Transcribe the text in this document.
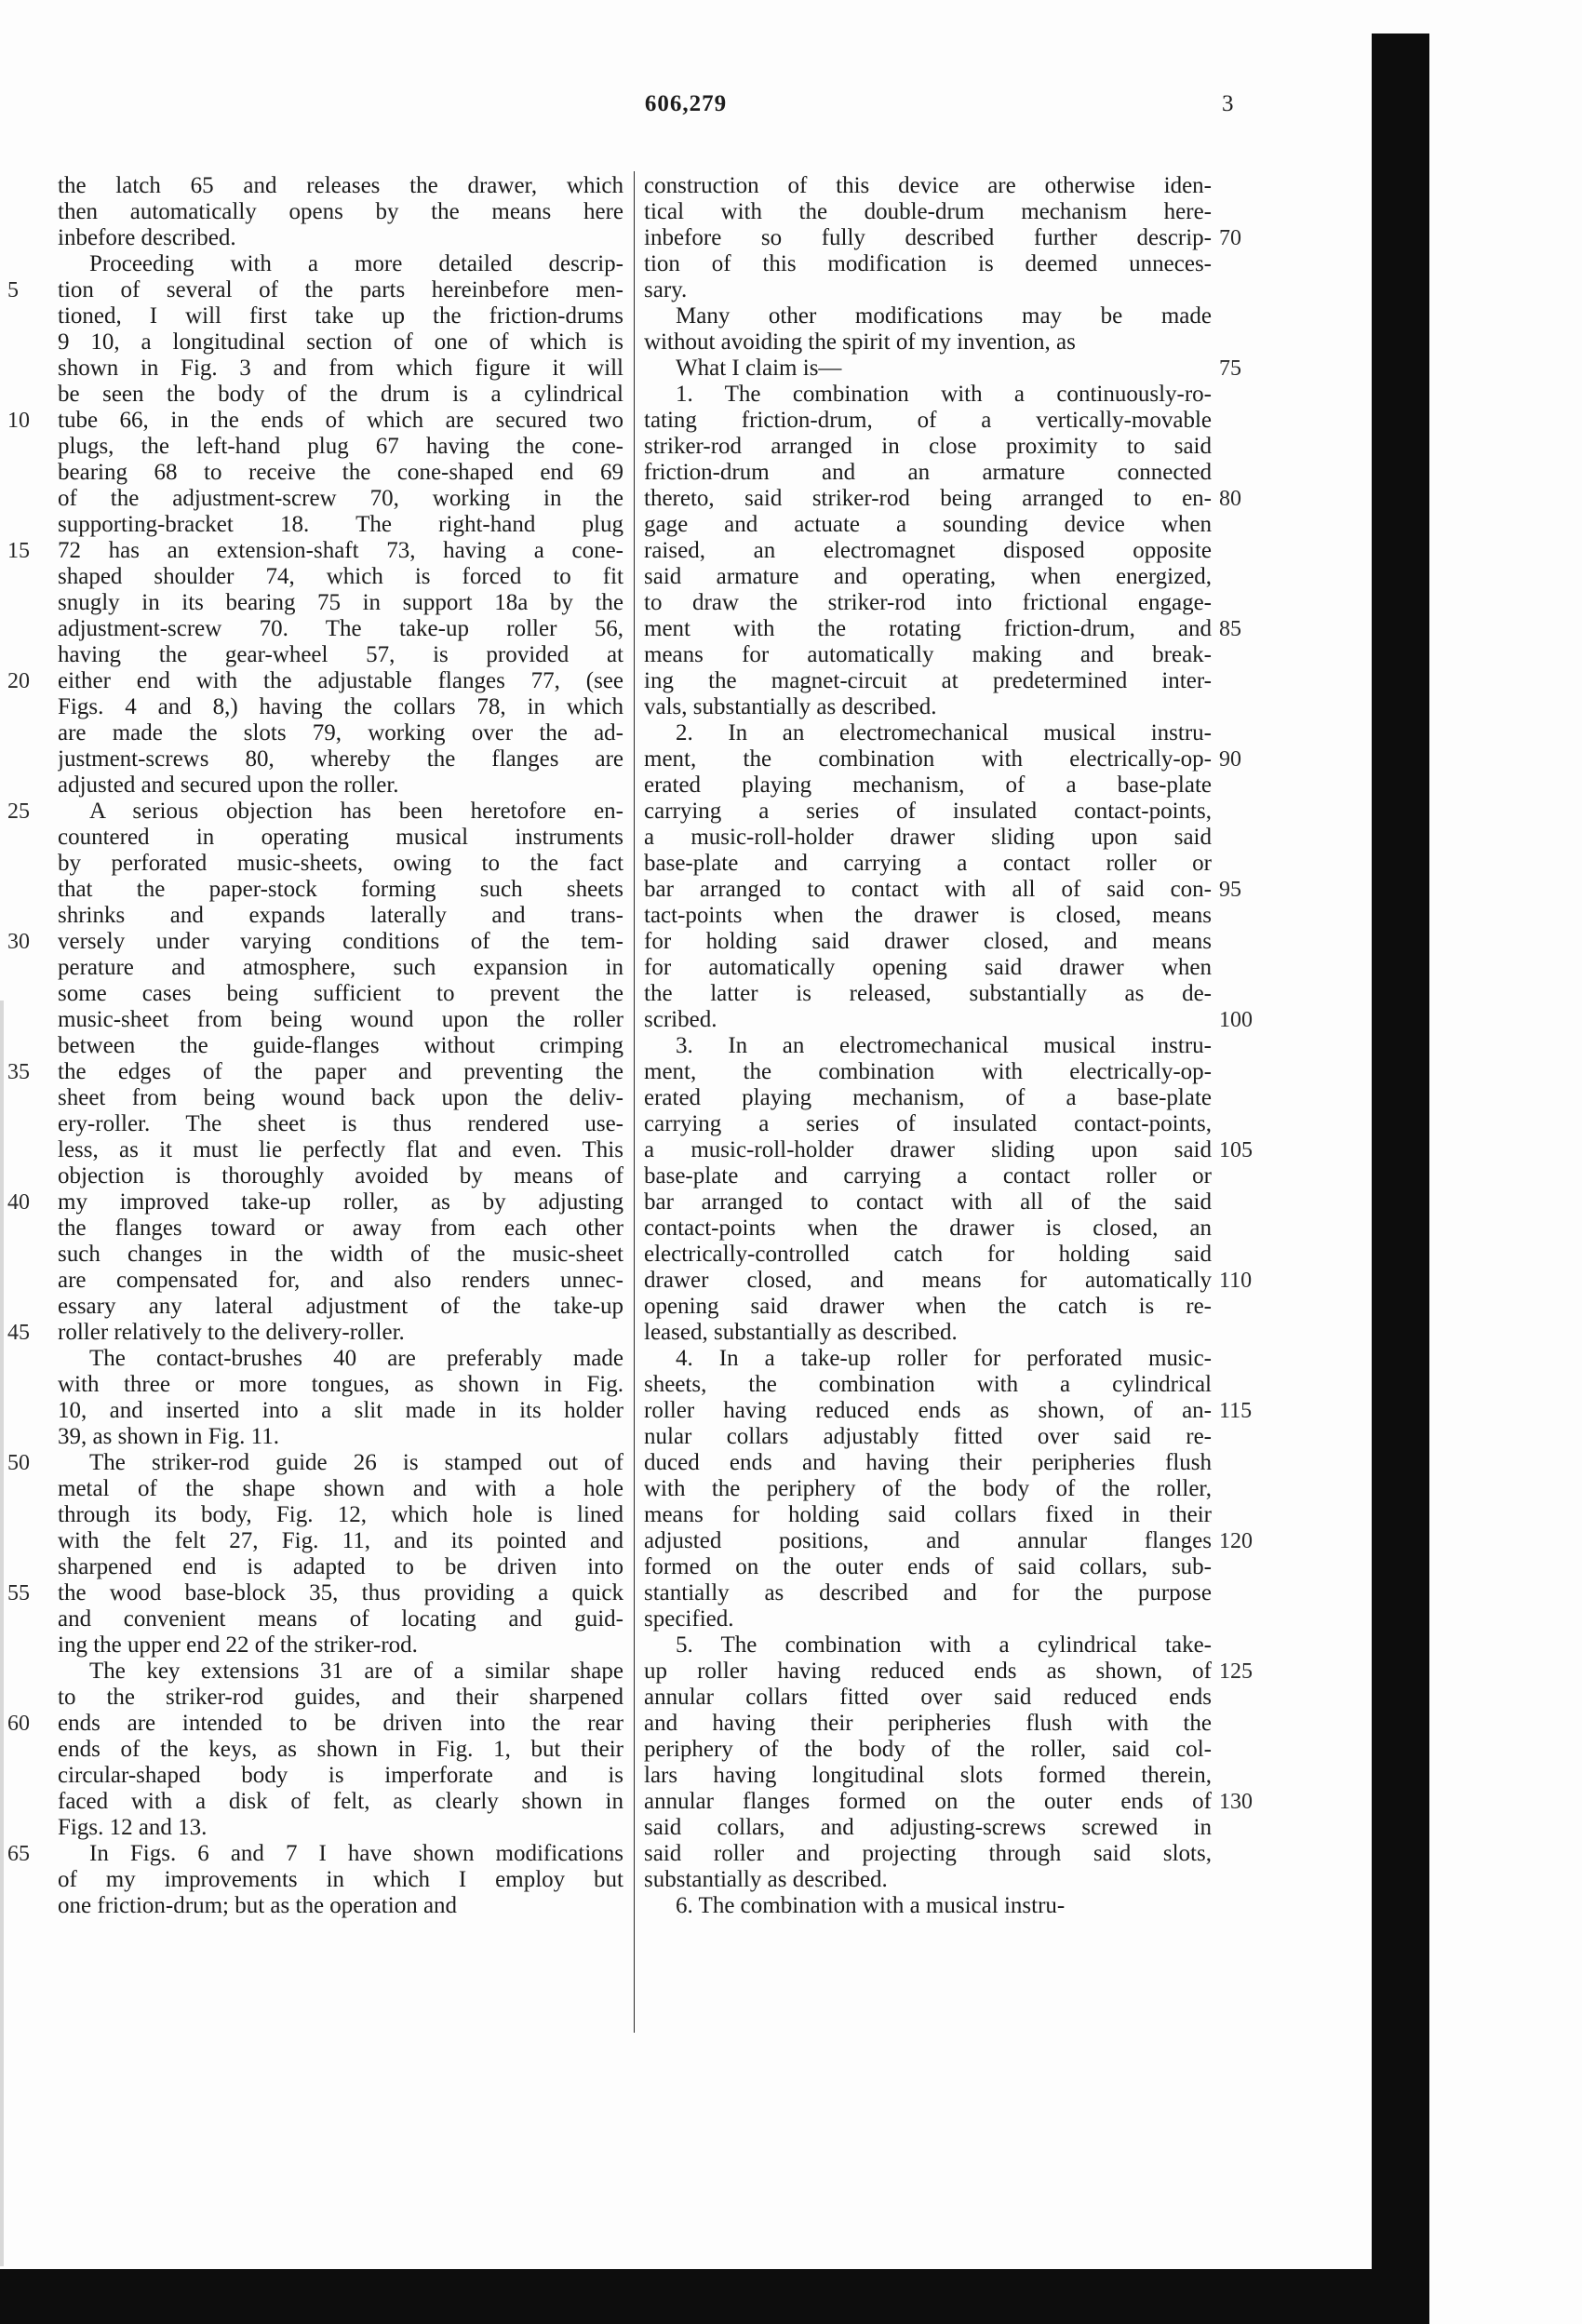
606,279	3
5
10
15
20
25
30
35
40
45
50
55
60
65
the latch 65 and releases the drawer, which
then automatically opens by the means here
inbefore described.
Proceeding with a more detailed descrip-
tion of several of the parts hereinbefore men-
tioned, I will first take up the friction-drums
9 10, a longitudinal section of one of which is
shown in Fig. 3 and from which figure it will
be seen the body of the drum is a cylindrical
tube 66, in the ends of which are secured two
plugs, the left-hand plug 67 having the cone-
bearing 68 to receive the cone-shaped end 69
of the adjustment-screw 70, working in the
supporting-bracket 18. The right-hand plug
72 has an extension-shaft 73, having a cone-
shaped shoulder 74, which is forced to fit
snugly in its bearing 75 in support 18a by the
adjustment-screw 70. The take-up roller 56,
having the gear-wheel 57, is provided at
either end with the adjustable flanges 77, (see
Figs. 4 and 8,) having the collars 78, in which
are made the slots 79, working over the ad-
justment-screws 80, whereby the flanges are
adjusted and secured upon the roller.
A serious objection has been heretofore en-
countered in operating musical instruments
by perforated music-sheets, owing to the fact
that the paper-stock forming such sheets
shrinks and expands laterally and trans-
versely under varying conditions of the tem-
perature and atmosphere, such expansion in
some cases being sufficient to prevent the
music-sheet from being wound upon the roller
between the guide-flanges without crimping
the edges of the paper and preventing the
sheet from being wound back upon the deliv-
ery-roller. The sheet is thus rendered use-
less, as it must lie perfectly flat and even. This
objection is thoroughly avoided by means of
my improved take-up roller, as by adjusting
the flanges toward or away from each other
such changes in the width of the music-sheet
are compensated for, and also renders unnec-
essary any lateral adjustment of the take-up
roller relatively to the delivery-roller.
The contact-brushes 40 are preferably made
with three or more tongues, as shown in Fig.
10, and inserted into a slit made in its holder
39, as shown in Fig. 11.
The striker-rod guide 26 is stamped out of
metal of the shape shown and with a hole
through its body, Fig. 12, which hole is lined
with the felt 27, Fig. 11, and its pointed and
sharpened end is adapted to be driven into
the wood base-block 35, thus providing a quick
and convenient means of locating and guid-
ing the upper end 22 of the striker-rod.
The key extensions 31 are of a similar shape
to the striker-rod guides, and their sharpened
ends are intended to be driven into the rear
ends of the keys, as shown in Fig. 1, but their
circular-shaped body is imperforate and is
faced with a disk of felt, as clearly shown in
Figs. 12 and 13.
In Figs. 6 and 7 I have shown modifications
of my improvements in which I employ but
one friction-drum; but as the operation and
construction of this device are otherwise iden-
tical with the double-drum mechanism here-
inbefore so fully described further descrip-
tion of this modification is deemed unneces-
sary.
Many other modifications may be made
without avoiding the spirit of my invention, as
What I claim is—
1. The combination with a continuously-ro-
tating friction-drum, of a vertically-movable
striker-rod arranged in close proximity to said
friction-drum and an armature connected
thereto, said striker-rod being arranged to en-
gage and actuate a sounding device when
raised, an electromagnet disposed opposite
said armature and operating, when energized,
to draw the striker-rod into frictional engage-
ment with the rotating friction-drum, and
means for automatically making and break-
ing the magnet-circuit at predetermined inter-
vals, substantially as described.
2. In an electromechanical musical instru-
ment, the combination with electrically-op-
erated playing mechanism, of a base-plate
carrying a series of insulated contact-points,
a music-roll-holder drawer sliding upon said
base-plate and carrying a contact roller or
bar arranged to contact with all of said con-
tact-points when the drawer is closed, means
for holding said drawer closed, and means
for automatically opening said drawer when
the latter is released, substantially as de-
scribed.
3. In an electromechanical musical instru-
ment, the combination with electrically-op-
erated playing mechanism, of a base-plate
carrying a series of insulated contact-points,
a music-roll-holder drawer sliding upon said
base-plate and carrying a contact roller or
bar arranged to contact with all of the said
contact-points when the drawer is closed, an
electrically-controlled catch for holding said
drawer closed, and means for automatically
opening said drawer when the catch is re-
leased, substantially as described.
4. In a take-up roller for perforated music-
sheets, the combination with a cylindrical
roller having reduced ends as shown, of an-
nular collars adjustably fitted over said re-
duced ends and having their peripheries flush
with the periphery of the body of the roller,
means for holding said collars fixed in their
adjusted positions, and annular flanges
formed on the outer ends of said collars, sub-
stantially as described and for the purpose
specified.
5. The combination with a cylindrical take-
up roller having reduced ends as shown, of
annular collars fitted over said reduced ends
and having their peripheries flush with the
periphery of the body of the roller, said col-
lars having longitudinal slots formed therein,
annular flanges formed on the outer ends of
said collars, and adjusting-screws screwed in
said roller and projecting through said slots,
substantially as described.
6. The combination with a musical instru-
70
75
80
85
90
95
100
105
110
115
120
125
130
